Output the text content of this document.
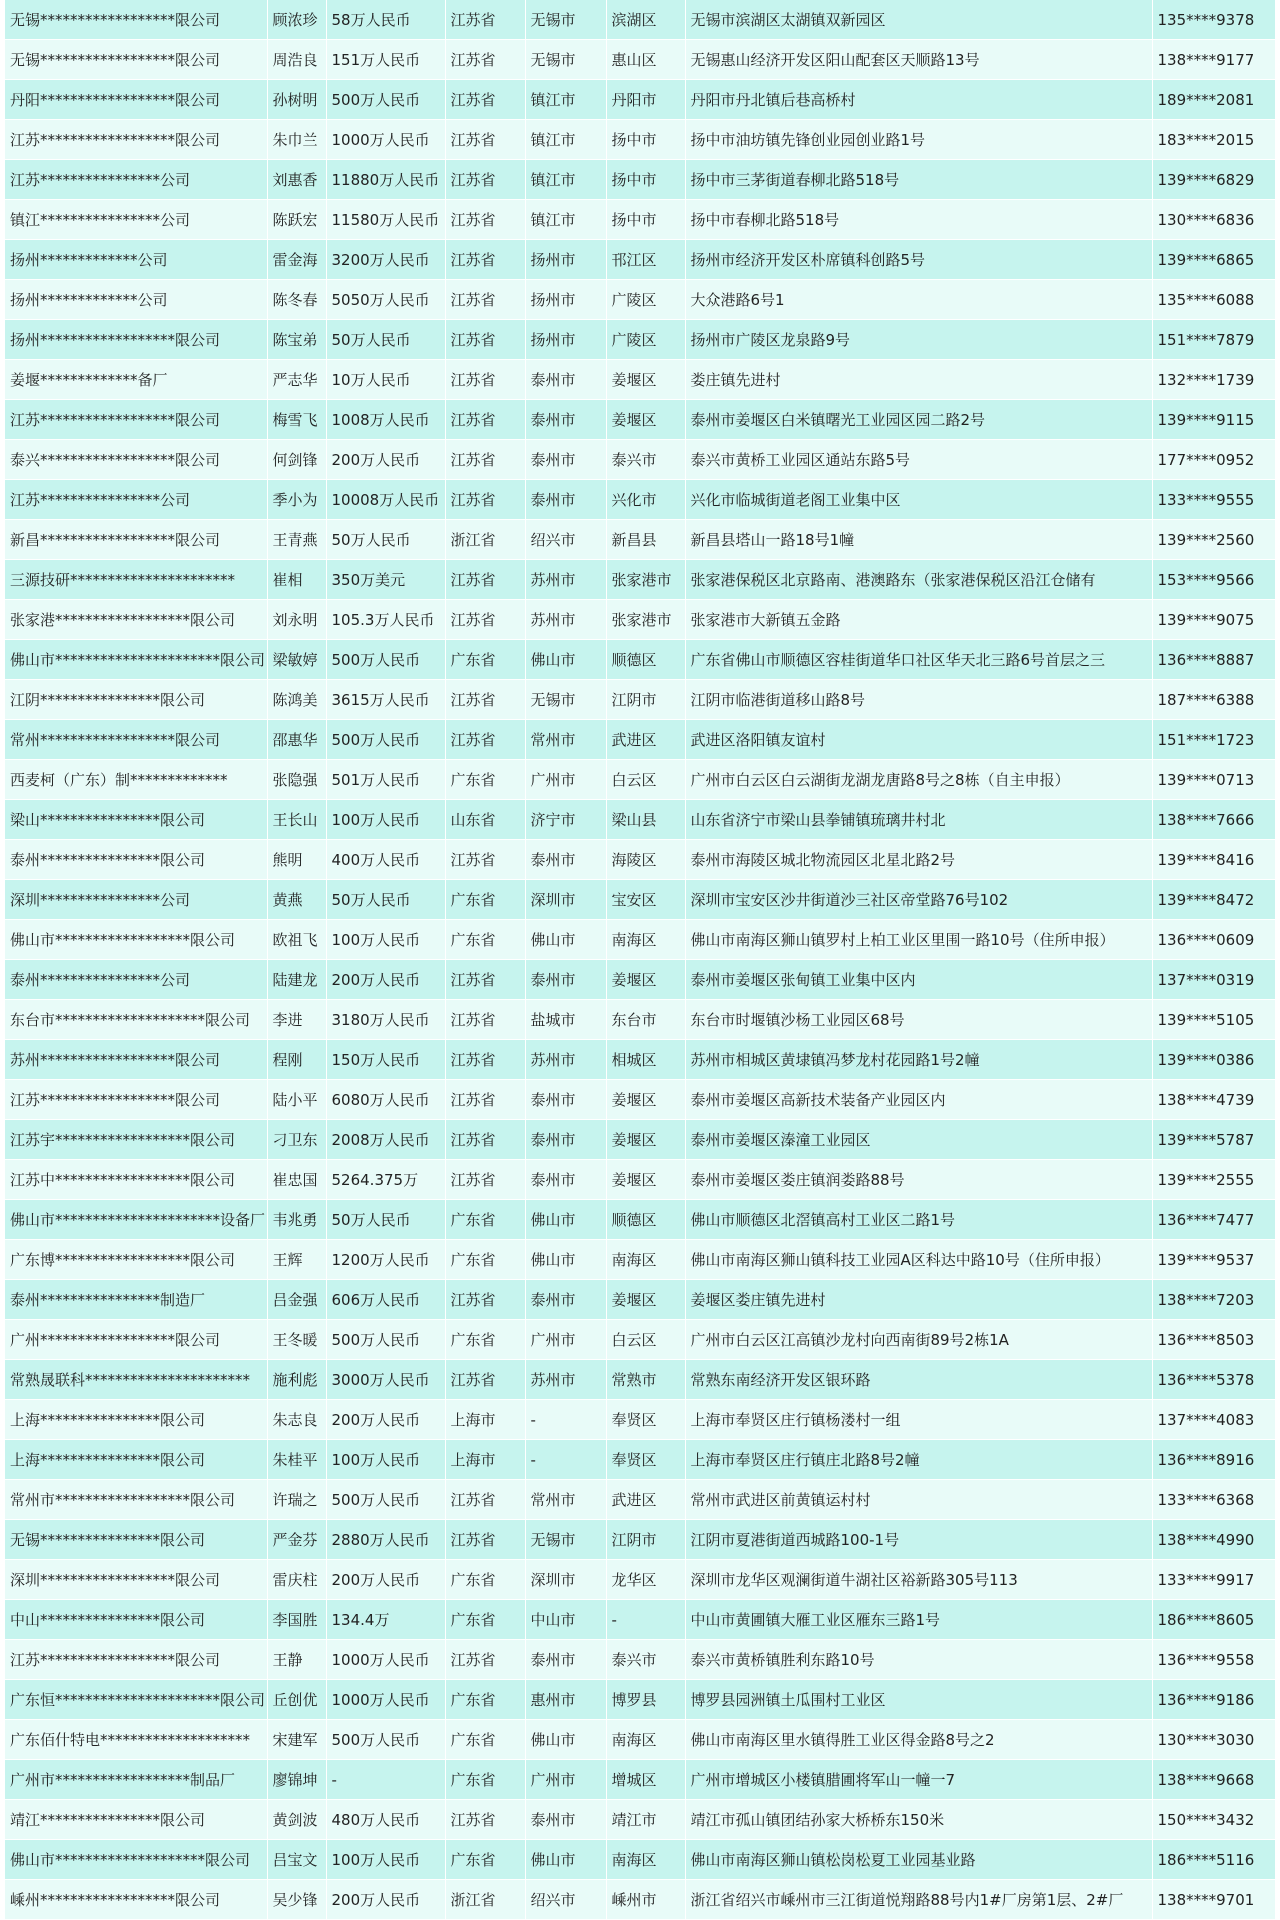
无锡******************限公司	顾浓珍	58万人民币	江苏省	无锡市	滨湖区	无锡市滨湖区太湖镇双新园区	135****9378
无锡******************限公司	周浩良	151万人民币	江苏省	无锡市	惠山区	无锡惠山经济开发区阳山配套区天顺路13号	138****9177
丹阳******************限公司	孙树明	500万人民币	江苏省	镇江市	丹阳市	丹阳市丹北镇后巷高桥村	189****2081
江苏******************限公司	朱巾兰	1000万人民币	江苏省	镇江市	扬中市	扬中市油坊镇先锋创业园创业路1号	183****2015
江苏****************公司	刘惠香	11880万人民币	江苏省	镇江市	扬中市	扬中市三茅街道春柳北路518号	139****6829
镇江****************公司	陈跃宏	11580万人民币	江苏省	镇江市	扬中市	扬中市春柳北路518号	130****6836
扬州*************公司	雷金海	3200万人民币	江苏省	扬州市	邗江区	扬州市经济开发区朴席镇科创路5号	139****6865
扬州*************公司	陈冬春	5050万人民币	江苏省	扬州市	广陵区	大众港路6号1	135****6088
扬州******************限公司	陈宝弟	50万人民币	江苏省	扬州市	广陵区	扬州市广陵区龙泉路9号	151****7879
姜堰*************备厂	严志华	10万人民币	江苏省	泰州市	姜堰区	娄庄镇先进村	132****1739
江苏******************限公司	梅雪飞	1008万人民币	江苏省	泰州市	姜堰区	泰州市姜堰区白米镇曙光工业园区园二路2号	139****9115
泰兴******************限公司	何剑锋	200万人民币	江苏省	泰州市	泰兴市	泰兴市黄桥工业园区通站东路5号	177****0952
江苏****************公司	季小为	10008万人民币	江苏省	泰州市	兴化市	兴化市临城街道老阁工业集中区	133****9555
新昌******************限公司	王青燕	50万人民币	浙江省	绍兴市	新昌县	新昌县塔山一路18号1幢	139****2560
三源技研**********************	崔相	350万美元	江苏省	苏州市	张家港市	张家港保税区北京路南、港澳路东（张家港保税区沿江仓储有	153****9566
张家港******************限公司	刘永明	105.3万人民币	江苏省	苏州市	张家港市	张家港市大新镇五金路	139****9075
佛山市**********************限公司	梁敏婷	500万人民币	广东省	佛山市	顺德区	广东省佛山市顺德区容桂街道华口社区华天北三路6号首层之三	136****8887
江阴****************限公司	陈鸿美	3615万人民币	江苏省	无锡市	江阴市	江阴市临港街道移山路8号	187****6388
常州******************限公司	邵惠华	500万人民币	江苏省	常州市	武进区	武进区洛阳镇友谊村	151****1723
西麦柯（广东）制*************	张隐强	501万人民币	广东省	广州市	白云区	广州市白云区白云湖街龙湖龙唐路8号之8栋（自主申报）	139****0713
梁山****************限公司	王长山	100万人民币	山东省	济宁市	梁山县	山东省济宁市梁山县拳铺镇琉璃井村北	138****7666
泰州****************限公司	熊明	400万人民币	江苏省	泰州市	海陵区	泰州市海陵区城北物流园区北星北路2号	139****8416
深圳****************公司	黄燕	50万人民币	广东省	深圳市	宝安区	深圳市宝安区沙井街道沙三社区帝堂路76号102	139****8472
佛山市******************限公司	欧祖飞	100万人民币	广东省	佛山市	南海区	佛山市南海区狮山镇罗村上柏工业区里围一路10号（住所申报）	136****0609
泰州****************公司	陆建龙	200万人民币	江苏省	泰州市	姜堰区	泰州市姜堰区张甸镇工业集中区内	137****0319
东台市********************限公司	李进	3180万人民币	江苏省	盐城市	东台市	东台市时堰镇沙杨工业园区68号	139****5105
苏州******************限公司	程刚	150万人民币	江苏省	苏州市	相城区	苏州市相城区黄埭镇冯梦龙村花园路1号2幢	139****0386
江苏******************限公司	陆小平	6080万人民币	江苏省	泰州市	姜堰区	泰州市姜堰区高新技术装备产业园区内	138****4739
江苏宇******************限公司	刁卫东	2008万人民币	江苏省	泰州市	姜堰区	泰州市姜堰区溱潼工业园区	139****5787
江苏中******************限公司	崔忠国	5264.375万	江苏省	泰州市	姜堰区	泰州市姜堰区娄庄镇润娄路88号	139****2555
佛山市**********************设备厂	韦兆勇	50万人民币	广东省	佛山市	顺德区	佛山市顺德区北滘镇高村工业区二路1号	136****7477
广东博******************限公司	王辉	1200万人民币	广东省	佛山市	南海区	佛山市南海区狮山镇科技工业园A区科达中路10号（住所申报）	139****9537
泰州****************制造厂	吕金强	606万人民币	江苏省	泰州市	姜堰区	姜堰区娄庄镇先进村	138****7203
广州******************限公司	王冬暖	500万人民币	广东省	广州市	白云区	广州市白云区江高镇沙龙村向西南街89号2栋1A	136****8503
常熟晟联科**********************	施利彪	3000万人民币	江苏省	苏州市	常熟市	常熟东南经济开发区银环路	136****5378
上海****************限公司	朱志良	200万人民币	上海市	-	奉贤区	上海市奉贤区庄行镇杨溇村一组	137****4083
上海****************限公司	朱桂平	100万人民币	上海市	-	奉贤区	上海市奉贤区庄行镇庄北路8号2幢	136****8916
常州市******************限公司	许瑞之	500万人民币	江苏省	常州市	武进区	常州市武进区前黄镇运村村	133****6368
无锡****************限公司	严金芬	2880万人民币	江苏省	无锡市	江阴市	江阴市夏港街道西城路100-1号	138****4990
深圳******************限公司	雷庆柱	200万人民币	广东省	深圳市	龙华区	深圳市龙华区观澜街道牛湖社区裕新路305号113	133****9917
中山****************限公司	李国胜	134.4万	广东省	中山市	-	中山市黄圃镇大雁工业区雁东三路1号	186****8605
江苏******************限公司	王静	1000万人民币	江苏省	泰州市	泰兴市	泰兴市黄桥镇胜利东路10号	136****9558
广东恒**********************限公司	丘创优	1000万人民币	广东省	惠州市	博罗县	博罗县园洲镇土瓜围村工业区	136****9186
广东佰什特电********************	宋建军	500万人民币	广东省	佛山市	南海区	佛山市南海区里水镇得胜工业区得金路8号之2	130****3030
广州市******************制品厂	廖锦坤	-	广东省	广州市	增城区	广州市增城区小楼镇腊圃将军山一幢一7	138****9668
靖江****************限公司	黄剑波	480万人民币	江苏省	泰州市	靖江市	靖江市孤山镇团结孙家大桥桥东150米	150****3432
佛山市********************限公司	吕宝文	100万人民币	广东省	佛山市	南海区	佛山市南海区狮山镇松岗松夏工业园基业路	186****5116
嵊州******************限公司	吴少锋	200万人民币	浙江省	绍兴市	嵊州市	浙江省绍兴市嵊州市三江街道悦翔路88号内1#厂房第1层、2#厂	138****9701
